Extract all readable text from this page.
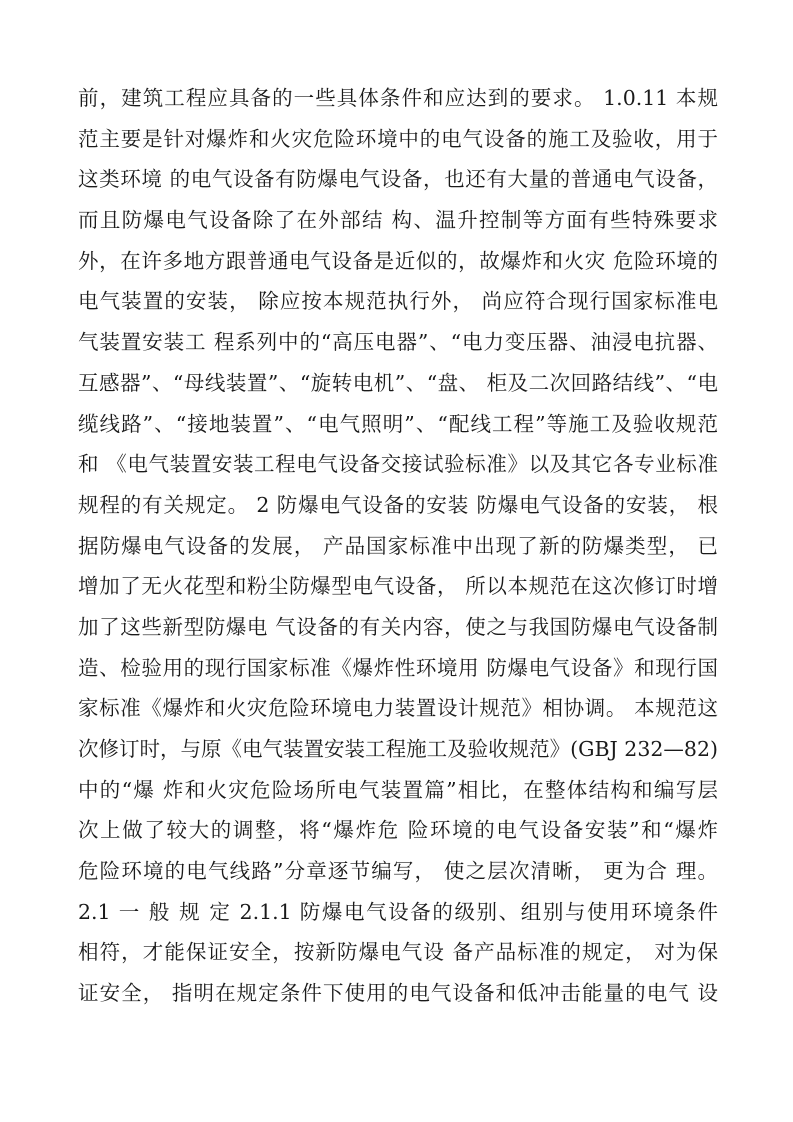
前，建筑工程应具备的一些具体条件和应达到的要求。 1.0.11 本规
范主要是针对爆炸和火灾危险环境中的电气设备的施工及验收，用于
这类环境 的电气设备有防爆电气设备，也还有大量的普通电气设备，
而且防爆电气设备除了在外部结 构、温升控制等方面有些特殊要求
外，在许多地方跟普通电气设备是近似的，故爆炸和火灾 危险环境的
电气装置的安装， 除应按本规范执行外， 尚应符合现行国家标准电
气装置安装工 程系列中的“高压电器”、“电力变压器、油浸电抗器、
互感器”、“母线装置”、“旋转电机”、“盘、 柜及二次回路结线”、“电
缆线路”、“接地装置”、“电气照明”、“配线工程”等施工及验收规范
和 《电气装置安装工程电气设备交接试验标准》以及其它各专业标准
规程的有关规定。 2 防爆电气设备的安装 防爆电气设备的安装， 根
据防爆电气设备的发展， 产品国家标准中出现了新的防爆类型， 已
增加了无火花型和粉尘防爆型电气设备， 所以本规范在这次修订时增
加了这些新型防爆电 气设备的有关内容，使之与我国防爆电气设备制
造、检验用的现行国家标准《爆炸性环境用 防爆电气设备》和现行国
家标准《爆炸和火灾危险环境电力装置设计规范》相协调。 本规范这
次修订时，与原《电气装置安装工程施工及验收规范》(GBJ 232—82)
中的“爆 炸和火灾危险场所电气装置篇”相比，在整体结构和编写层
次上做了较大的调整，将“爆炸危 险环境的电气设备安装”和“爆炸
危险环境的电气线路”分章逐节编写， 使之层次清晰， 更为合 理。
2.1 一 般 规 定 2.1.1 防爆电气设备的级别、组别与使用环境条件
相符，才能保证安全，按新防爆电气设 备产品标准的规定， 对为保
证安全， 指明在规定条件下使用的电气设备和低冲击能量的电气 设
